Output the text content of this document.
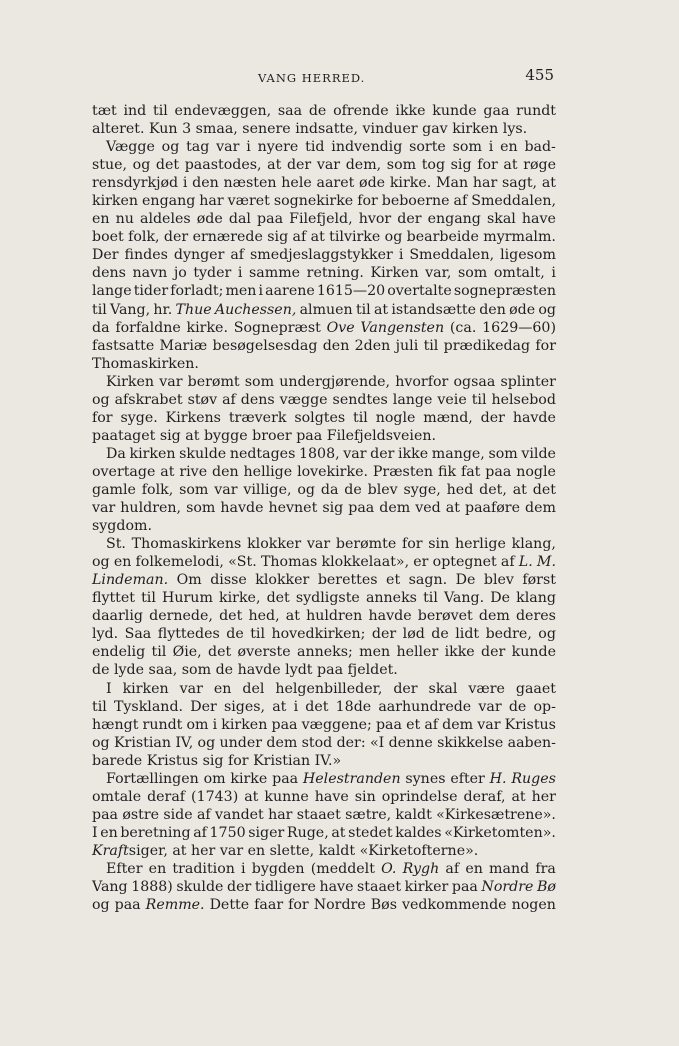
VANG HERRED.	455
tæt ind til endevæggen, saa de ofrende ikke kunde gaa rundt
alteret. Kun 3 smaa, senere indsatte, vinduer gav kirken lys.
Vægge og tag var i nyere tid indvendig sorte som i en bad-
stue, og det paastodes, at der var dem, som tog sig for at røge
rensdyrkjød i den næsten hele aaret øde kirke. Man har sagt, at
kirken engang har været sognekirke for beboerne af Smeddalen,
en nu aldeles øde dal paa Filefjeld, hvor der engang skal have
boet folk, der ernærede sig af at tilvirke og bearbeide myrmalm.
Der findes dynger af smedjeslaggstykker i Smeddalen, ligesom
dens navn jo tyder i samme retning. Kirken var, som omtalt, i
lange tider forladt; men i aarene 1615—20 overtalte sognepræsten
til Vang, hr. Thue Auchessen, almuen til at istandsætte den øde og
da forfaldne kirke. Sognepræst Ove Vangensten (ca. 1629—60)
fastsatte Mariæ besøgelsesdag den 2den juli til prædikedag for
Thomaskirken.
Kirken var berømt som undergjørende, hvorfor ogsaa splinter
og afskrabet støv af dens vægge sendtes lange veie til helsebod
for syge. Kirkens træverk solgtes til nogle mænd, der havde
paataget sig at bygge broer paa Filefjeldsveien.
Da kirken skulde nedtages 1808, var der ikke mange, som vilde
overtage at rive den hellige lovekirke. Præsten fik fat paa nogle
gamle folk, som var villige, og da de blev syge, hed det, at det
var huldren, som havde hevnet sig paa dem ved at paaføre dem
sygdom.
St. Thomaskirkens klokker var berømte for sin herlige klang,
og en folkemelodi, «St. Thomas klokkelaat», er optegnet af L. M.
Lindeman. Om disse klokker berettes et sagn. De blev først
flyttet til Hurum kirke, det sydligste anneks til Vang. De klang
daarlig dernede, det hed, at huldren havde berøvet dem deres
lyd. Saa flyttedes de til hovedkirken; der lød de lidt bedre, og
endelig til Øie, det øverste anneks; men heller ikke der kunde
de lyde saa, som de havde lydt paa fjeldet.
I kirken var en del helgenbilleder, der skal være gaaet
til Tyskland. Der siges, at i det 18de aarhundrede var de op-
hængt rundt om i kirken paa væggene; paa et af dem var Kristus
og Kristian IV, og under dem stod der: «I denne skikkelse aaben-
barede Kristus sig for Kristian IV.»
Fortællingen om kirke paa Helestranden synes efter H. Ruges
omtale deraf (1743) at kunne have sin oprindelse deraf, at her
paa østre side af vandet har staaet sætre, kaldt «Kirkesætrene».
I en beretning af 1750 siger Ruge, at stedet kaldes «Kirketomten».
Kraft siger, at her var en slette, kaldt «Kirketofterne».
Efter en tradition i bygden (meddelt O. Rygh af en mand fra
Vang 1888) skulde der tidligere have staaet kirker paa Nordre Bø
og paa Remme. Dette faar for Nordre Bøs vedkommende nogen
